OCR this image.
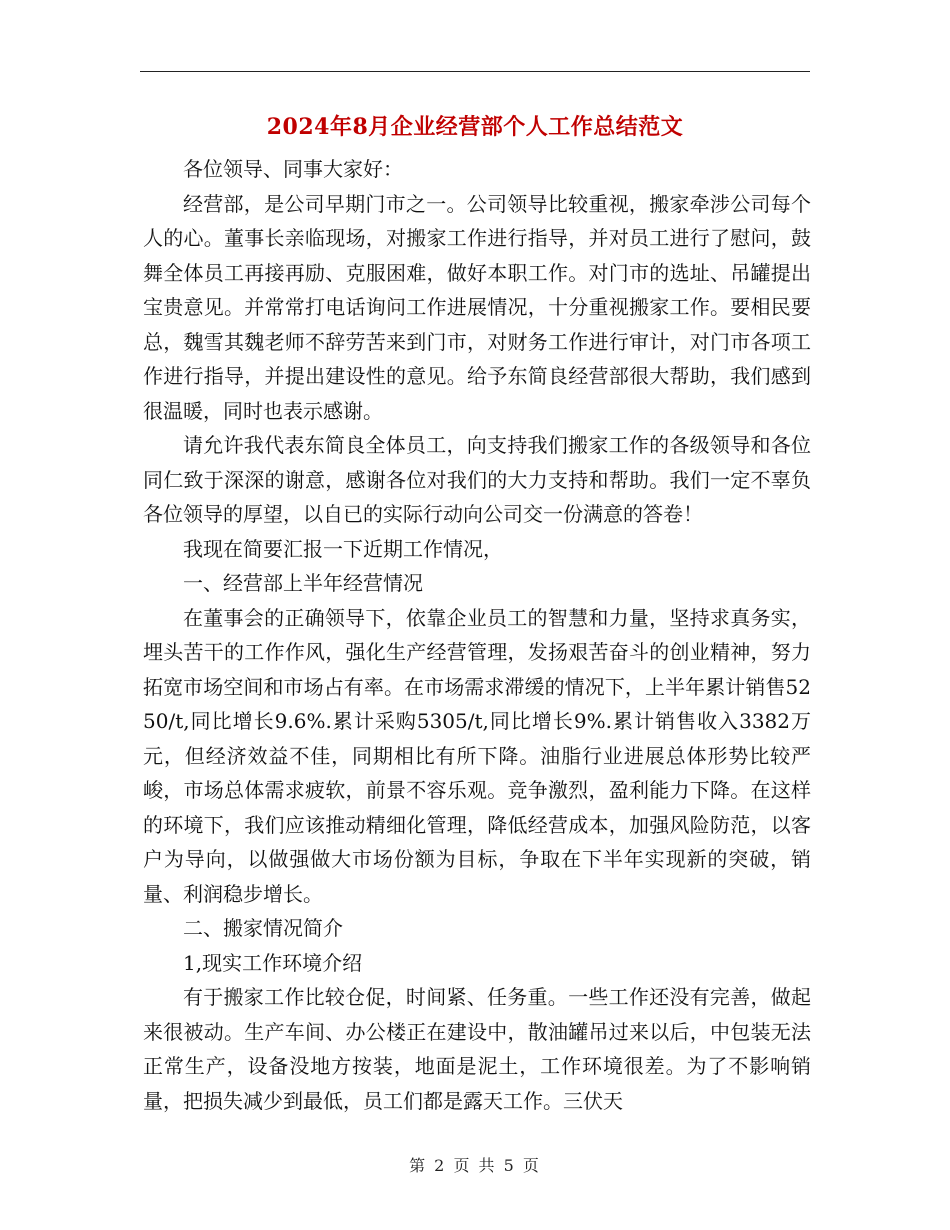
2024年8月企业经营部个人工作总结范文

各位领导、同事大家好：

经营部，是公司早期门市之一。公司领导比较重视，搬家牵涉公司每个人的心。董事长亲临现场，对搬家工作进行指导，并对员工进行了慰问，鼓舞全体员工再接再励、克服困难，做好本职工作。对门市的选址、吊罐提出宝贵意见。并常常打电话询问工作进展情况，十分重视搬家工作。要相民要总，魏雪其魏老师不辞劳苦来到门市，对财务工作进行审计，对门市各项工作进行指导，并提出建设性的意见。给予东简良经营部很大帮助，我们感到很温暖，同时也表示感谢。

请允许我代表东简良全体员工，向支持我们搬家工作的各级领导和各位同仁致于深深的谢意，感谢各位对我们的大力支持和帮助。我们一定不辜负各位领导的厚望，以自已的实际行动向公司交一份满意的答卷！

我现在简要汇报一下近期工作情况，

一、经营部上半年经营情况

在董事会的正确领导下，依靠企业员工的智慧和力量，坚持求真务实，埋头苦干的工作作风，强化生产经营管理，发扬艰苦奋斗的创业精神，努力拓宽市场空间和市场占有率。在市场需求滞缓的情况下，上半年累计销售5250/t,同比增长9.6%.累计采购5305/t,同比增长9%.累计销售收入3382万元，但经济效益不佳，同期相比有所下降。油脂行业进展总体形势比较严峻，市场总体需求疲软，前景不容乐观。竞争激烈，盈利能力下降。在这样的环境下，我们应该推动精细化管理，降低经营成本，加强风险防范，以客户为导向，以做强做大市场份额为目标，争取在下半年实现新的突破，销量、利润稳步增长。

二、搬家情况简介

1,现实工作环境介绍

有于搬家工作比较仓促，时间紧、任务重。一些工作还没有完善，做起来很被动。生产车间、办公楼正在建设中，散油罐吊过来以后，中包装无法正常生产，设备没地方按装，地面是泥土，工作环境很差。为了不影响销量，把损失减少到最低，员工们都是露天工作。三伏天

第 2 页 共 5 页
